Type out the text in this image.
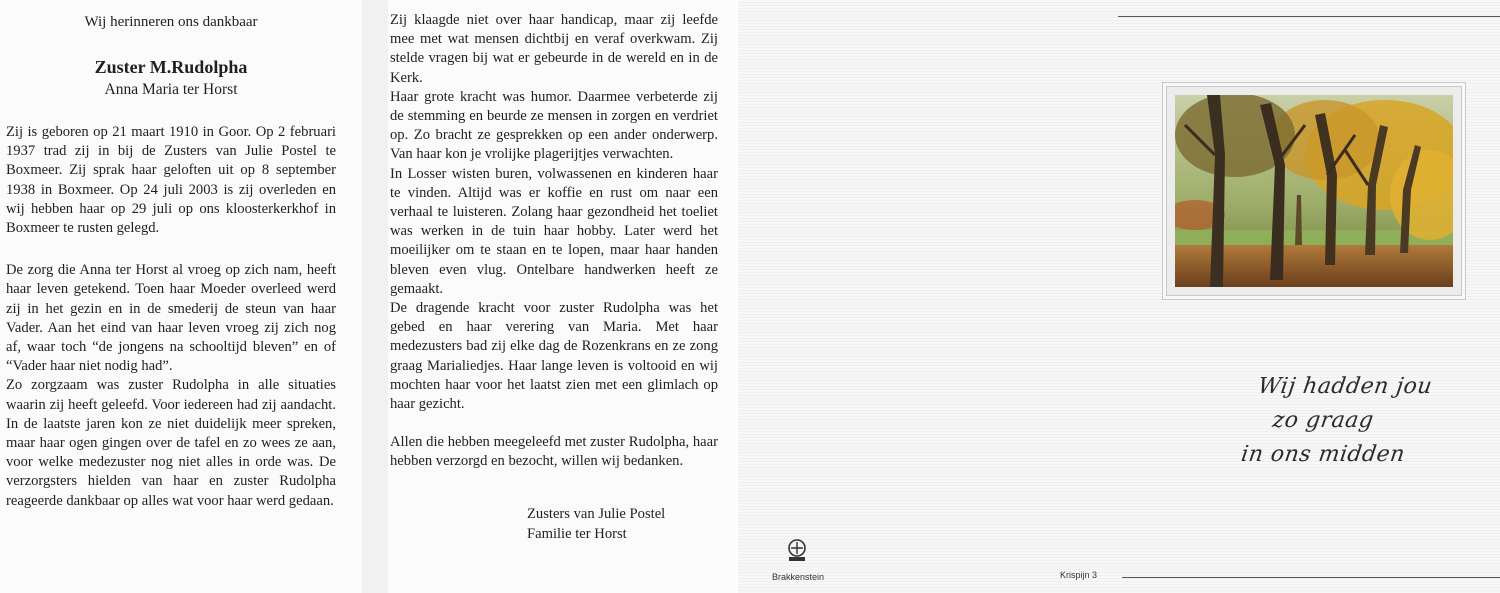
Wij herinneren ons dankbaar
Zuster M.Rudolpha
Anna Maria ter Horst

Zij is geboren op 21 maart 1910 in Goor. Op 2 februari 1937 trad zij in bij de Zusters van Julie Postel te Boxmeer. Zij sprak haar geloften uit op 8 september 1938 in Boxmeer. Op 24 juli 2003 is zij overleden en wij hebben haar op 29 juli op ons kloosterkerkhof in Boxmeer te rusten gelegd.

De zorg die Anna ter Horst al vroeg op zich nam, heeft haar leven getekend. Toen haar Moeder overleed werd zij in het gezin en in de smederij de steun van haar Vader. Aan het eind van haar leven vroeg zij zich nog af, waar toch “de jongens na schooltijd bleven” en of “Vader haar niet nodig had”.

Zo zorgzaam was zuster Rudolpha in alle situaties waarin zij heeft geleefd. Voor iedereen had zij aandacht. In de laatste jaren kon ze niet duidelijk meer spreken, maar haar ogen gingen over de tafel en zo wees ze aan, voor welke medezuster nog niet alles in orde was. De verzorgsters hielden van haar en zuster Rudolpha reageerde dankbaar op alles wat voor haar werd gedaan.

Zij klaagde niet over haar handicap, maar zij leefde mee met wat mensen dichtbij en veraf overkwam. Zij stelde vragen bij wat er gebeurde in de wereld en in de Kerk.

Haar grote kracht was humor. Daarmee verbeterde zij de stemming en beurde ze mensen in zorgen en verdriet op. Zo bracht ze gesprekken op een ander onderwerp. Van haar kon je vrolijke plagerijtjes verwachten.

In Losser wisten buren, volwassenen en kinderen haar te vinden. Altijd was er koffie en rust om naar een verhaal te luisteren. Zolang haar gezondheid het toeliet was werken in de tuin haar hobby. Later werd het moeilijker om te staan en te lopen, maar haar handen bleven even vlug. Ontelbare handwerken heeft ze gemaakt.

De dragende kracht voor zuster Rudolpha was het gebed en haar verering van Maria. Met haar medezusters bad zij elke dag de Rozenkrans en ze zong graag Marialiedjes. Haar lange leven is voltooid en wij mochten haar voor het laatst zien met een glimlach op haar gezicht.

Allen die hebben meegeleefd met zuster Rudolpha, haar hebben verzorgd en bezocht, willen wij bedanken.

Zusters van Julie Postel
Familie ter Horst
Wij hadden jou
zo graag
in ons midden
Brakkenstein	Krispijn 3
